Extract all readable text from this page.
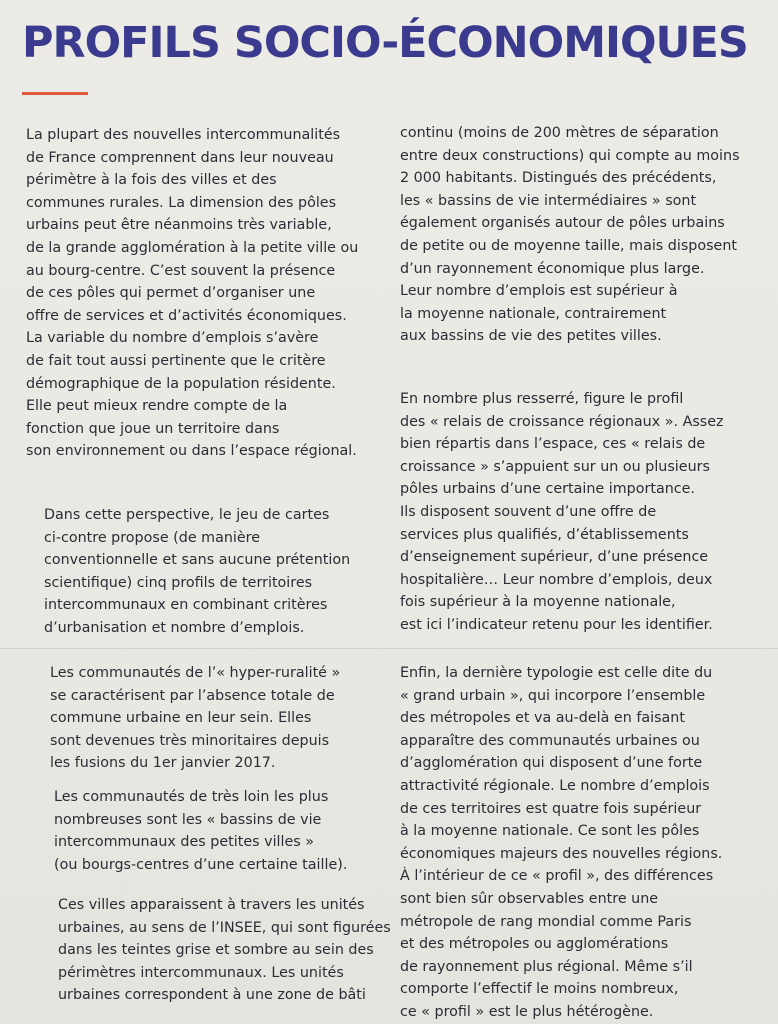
PROFILS SOCIO-ÉCONOMIQUES

La plupart des nouvelles intercommunalités

de France comprennent dans leur nouveau

périmètre à la fois des villes et des

communes rurales. La dimension des pôles

urbains peut être néanmoins très variable,

de la grande agglomération à la petite ville ou

au bourg-centre. C’est souvent la présence

de ces pôles qui permet d’organiser une

offre de services et d’activités économiques.

La variable du nombre d’emplois s’avère

de fait tout aussi pertinente que le critère

démographique de la population résidente.

Elle peut mieux rendre compte de la

fonction que joue un territoire dans

son environnement ou dans l’espace régional.

Dans cette perspective, le jeu de cartes

ci-contre propose (de manière

conventionnelle et sans aucune prétention

scientifique) cinq profils de territoires

intercommunaux en combinant critères

d’urbanisation et nombre d’emplois.

Les communautés de l’« hyper-ruralité »

se caractérisent par l’absence totale de

commune urbaine en leur sein. Elles

sont devenues très minoritaires depuis

les fusions du 1er janvier 2017.

Les communautés de très loin les plus

nombreuses sont les « bassins de vie

intercommunaux des petites villes »

(ou bourgs-centres d’une certaine taille).

Ces villes apparaissent à travers les unités

urbaines, au sens de l’INSEE, qui sont figurées

dans les teintes grise et sombre au sein des

périmètres intercommunaux. Les unités

urbaines correspondent à une zone de bâti

continu (moins de 200 mètres de séparation

entre deux constructions) qui compte au moins

2 000 habitants. Distingués des précédents,

les « bassins de vie intermédiaires » sont

également organisés autour de pôles urbains

de petite ou de moyenne taille, mais disposent

d’un rayonnement économique plus large.

Leur nombre d’emplois est supérieur à

la moyenne nationale, contrairement

aux bassins de vie des petites villes.

En nombre plus resserré, figure le profil

des « relais de croissance régionaux ». Assez

bien répartis dans l’espace, ces « relais de

croissance » s’appuient sur un ou plusieurs

pôles urbains d’une certaine importance.

Ils disposent souvent d’une offre de

services plus qualifiés, d’établissements

d’enseignement supérieur, d’une présence

hospitalière… Leur nombre d’emplois, deux

fois supérieur à la moyenne nationale,

est ici l’indicateur retenu pour les identifier.

Enfin, la dernière typologie est celle dite du

« grand urbain », qui incorpore l’ensemble

des métropoles et va au-delà en faisant

apparaître des communautés urbaines ou

d’agglomération qui disposent d’une forte

attractivité régionale. Le nombre d’emplois

de ces territoires est quatre fois supérieur

à la moyenne nationale. Ce sont les pôles

économiques majeurs des nouvelles régions.

À l’intérieur de ce « profil », des différences

sont bien sûr observables entre une

métropole de rang mondial comme Paris

et des métropoles ou agglomérations

de rayonnement plus régional. Même s’il

comporte l’effectif le moins nombreux,

ce « profil » est le plus hétérogène.
